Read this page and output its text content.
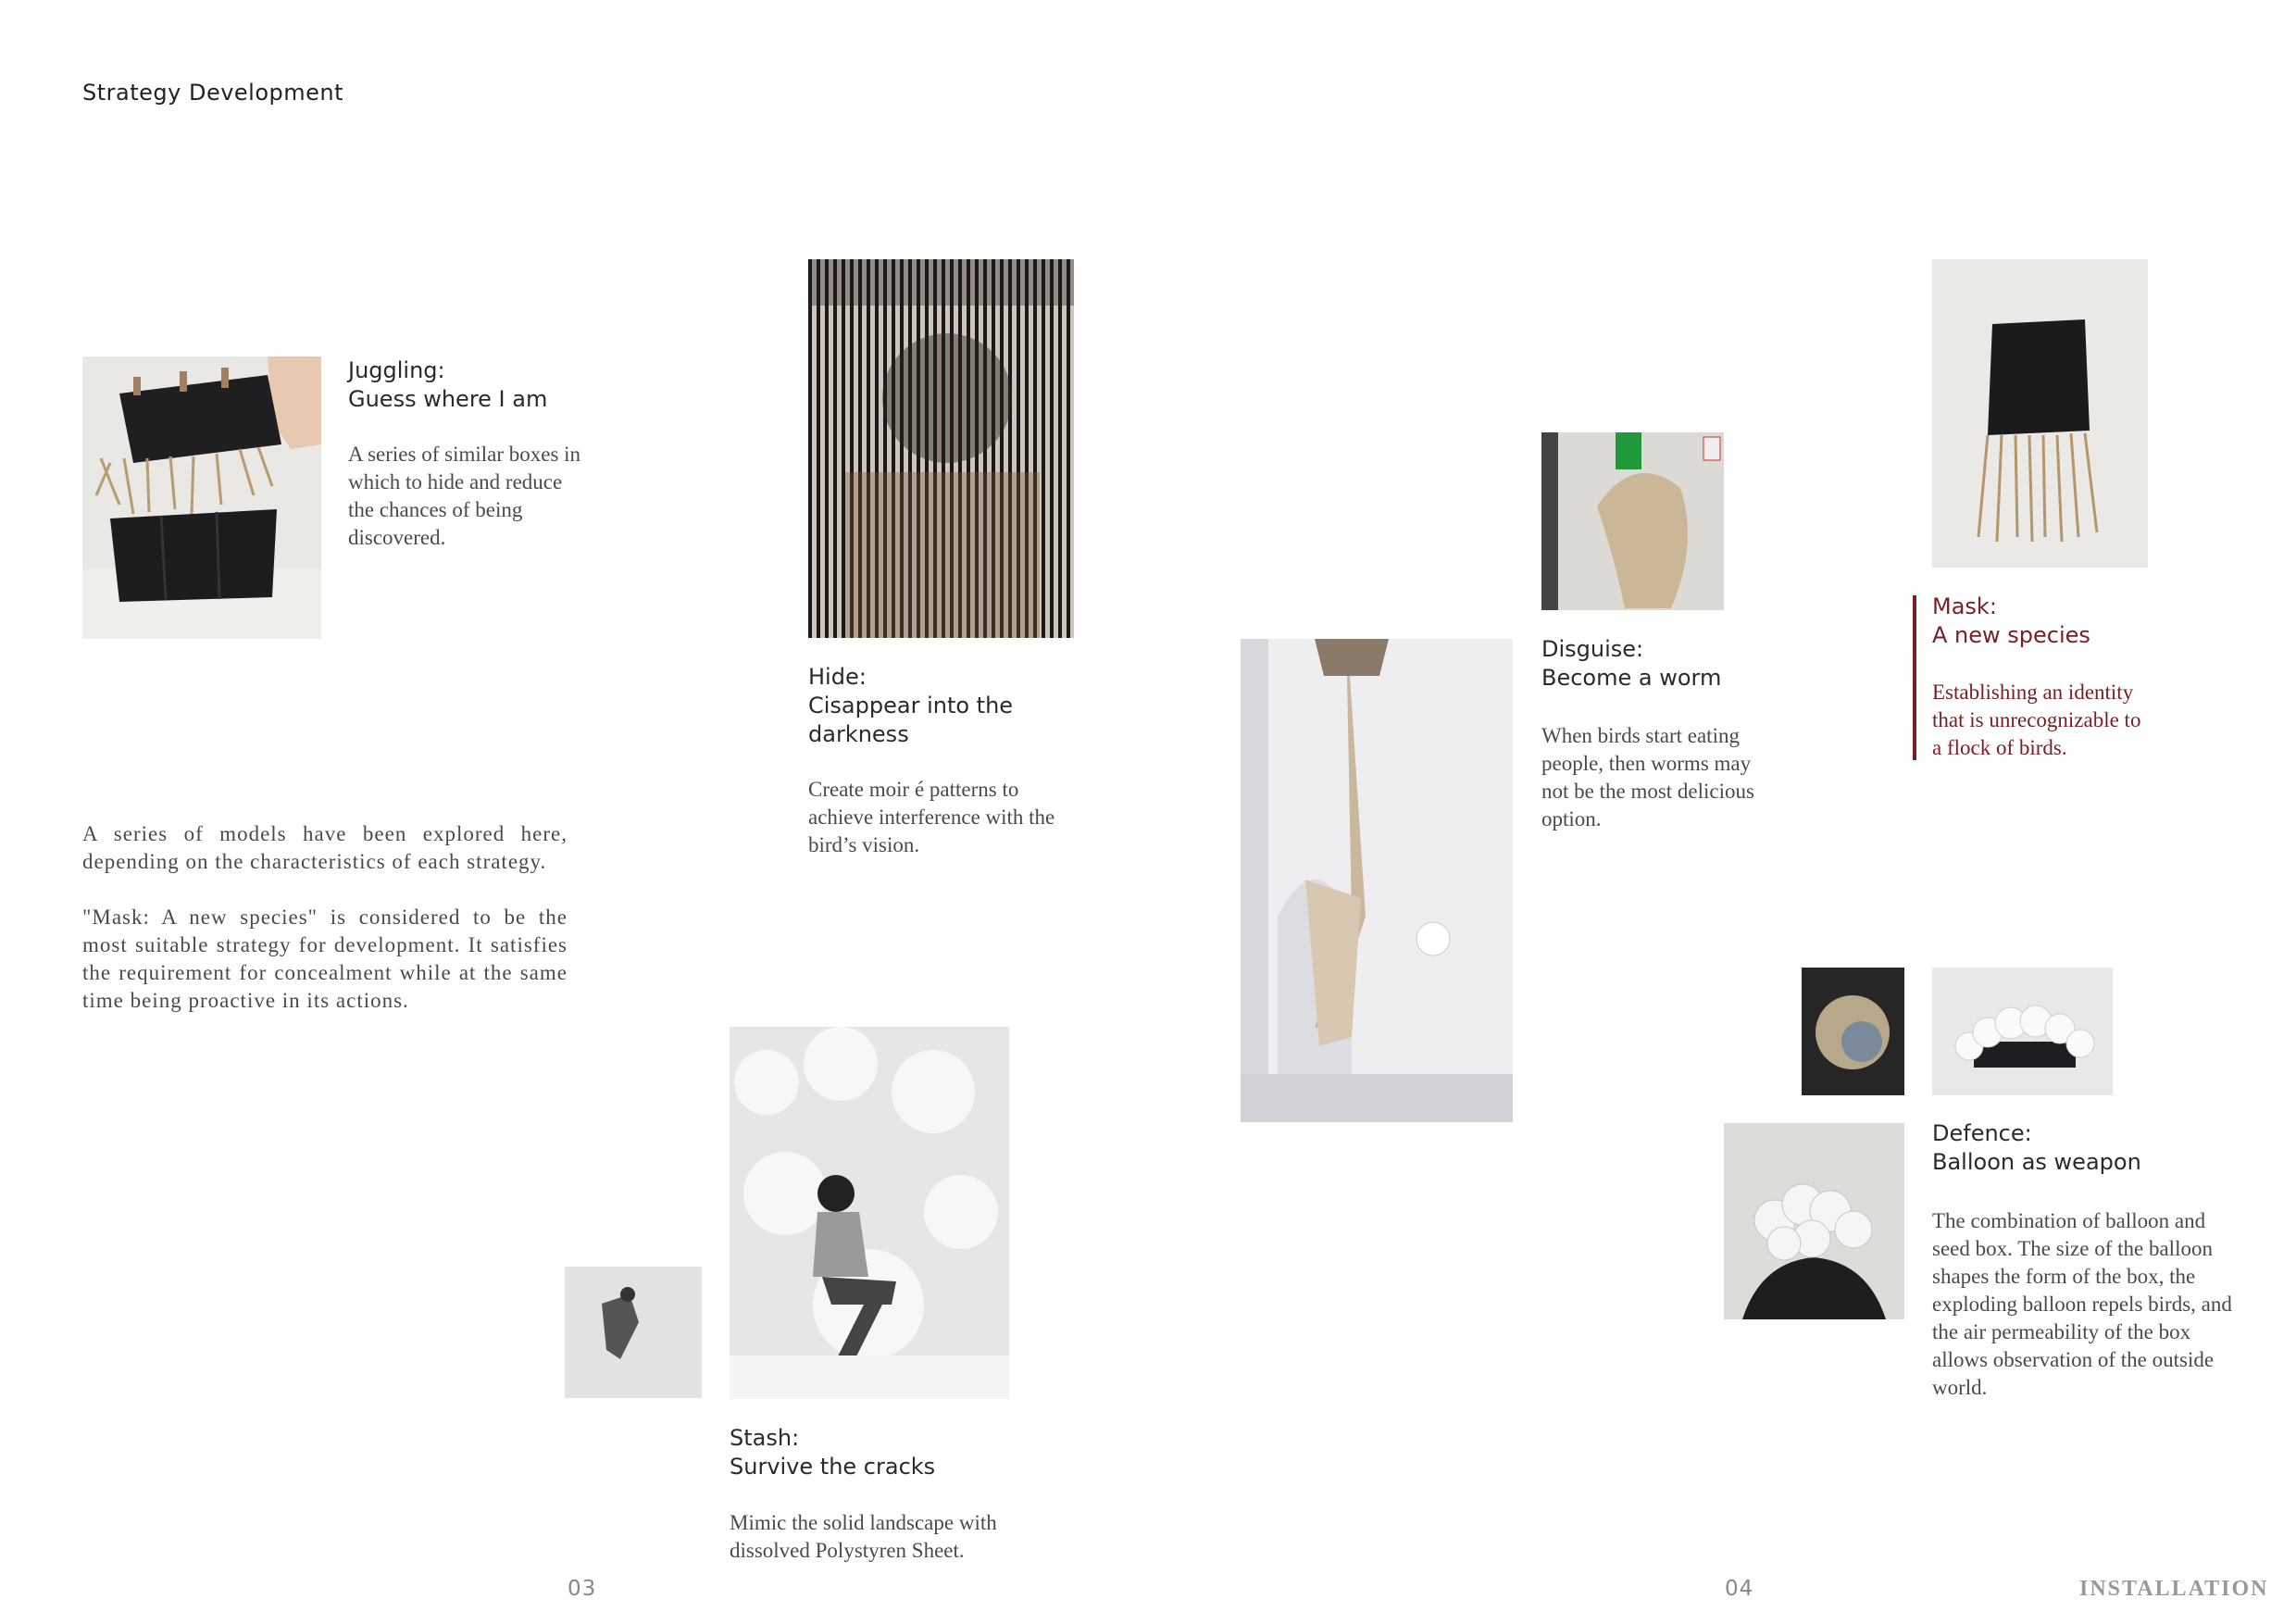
Strategy Development
Juggling:
Guess where I am
A series of similar boxes in which to hide and reduce the chances of being discovered.
Hide:
Cisappear into the darkness
Create moir é patterns to achieve interference with the bird’s vision.

A series of models have been explored here, depending on the characteristics of each strategy.

"Mask: A new species" is considered to be the most suitable strategy for development. It satisfies the requirement for concealment while at the same time being proactive in its actions.

Stash:
Survive the cracks
Mimic the solid landscape with dissolved Polystyren Sheet.
Disguise:
Become a worm
When birds start eating people, then worms may not be the most delicious option.
Mask:
A new species
Establishing an identity that is unrecognizable to a flock of birds.
Defence:
Balloon as weapon
The combination of balloon and seed box. The size of the balloon shapes the form of the box, the exploding balloon repels birds, and the air permeability of the box allows observation of the outside world.
03	04	INSTALLATION
